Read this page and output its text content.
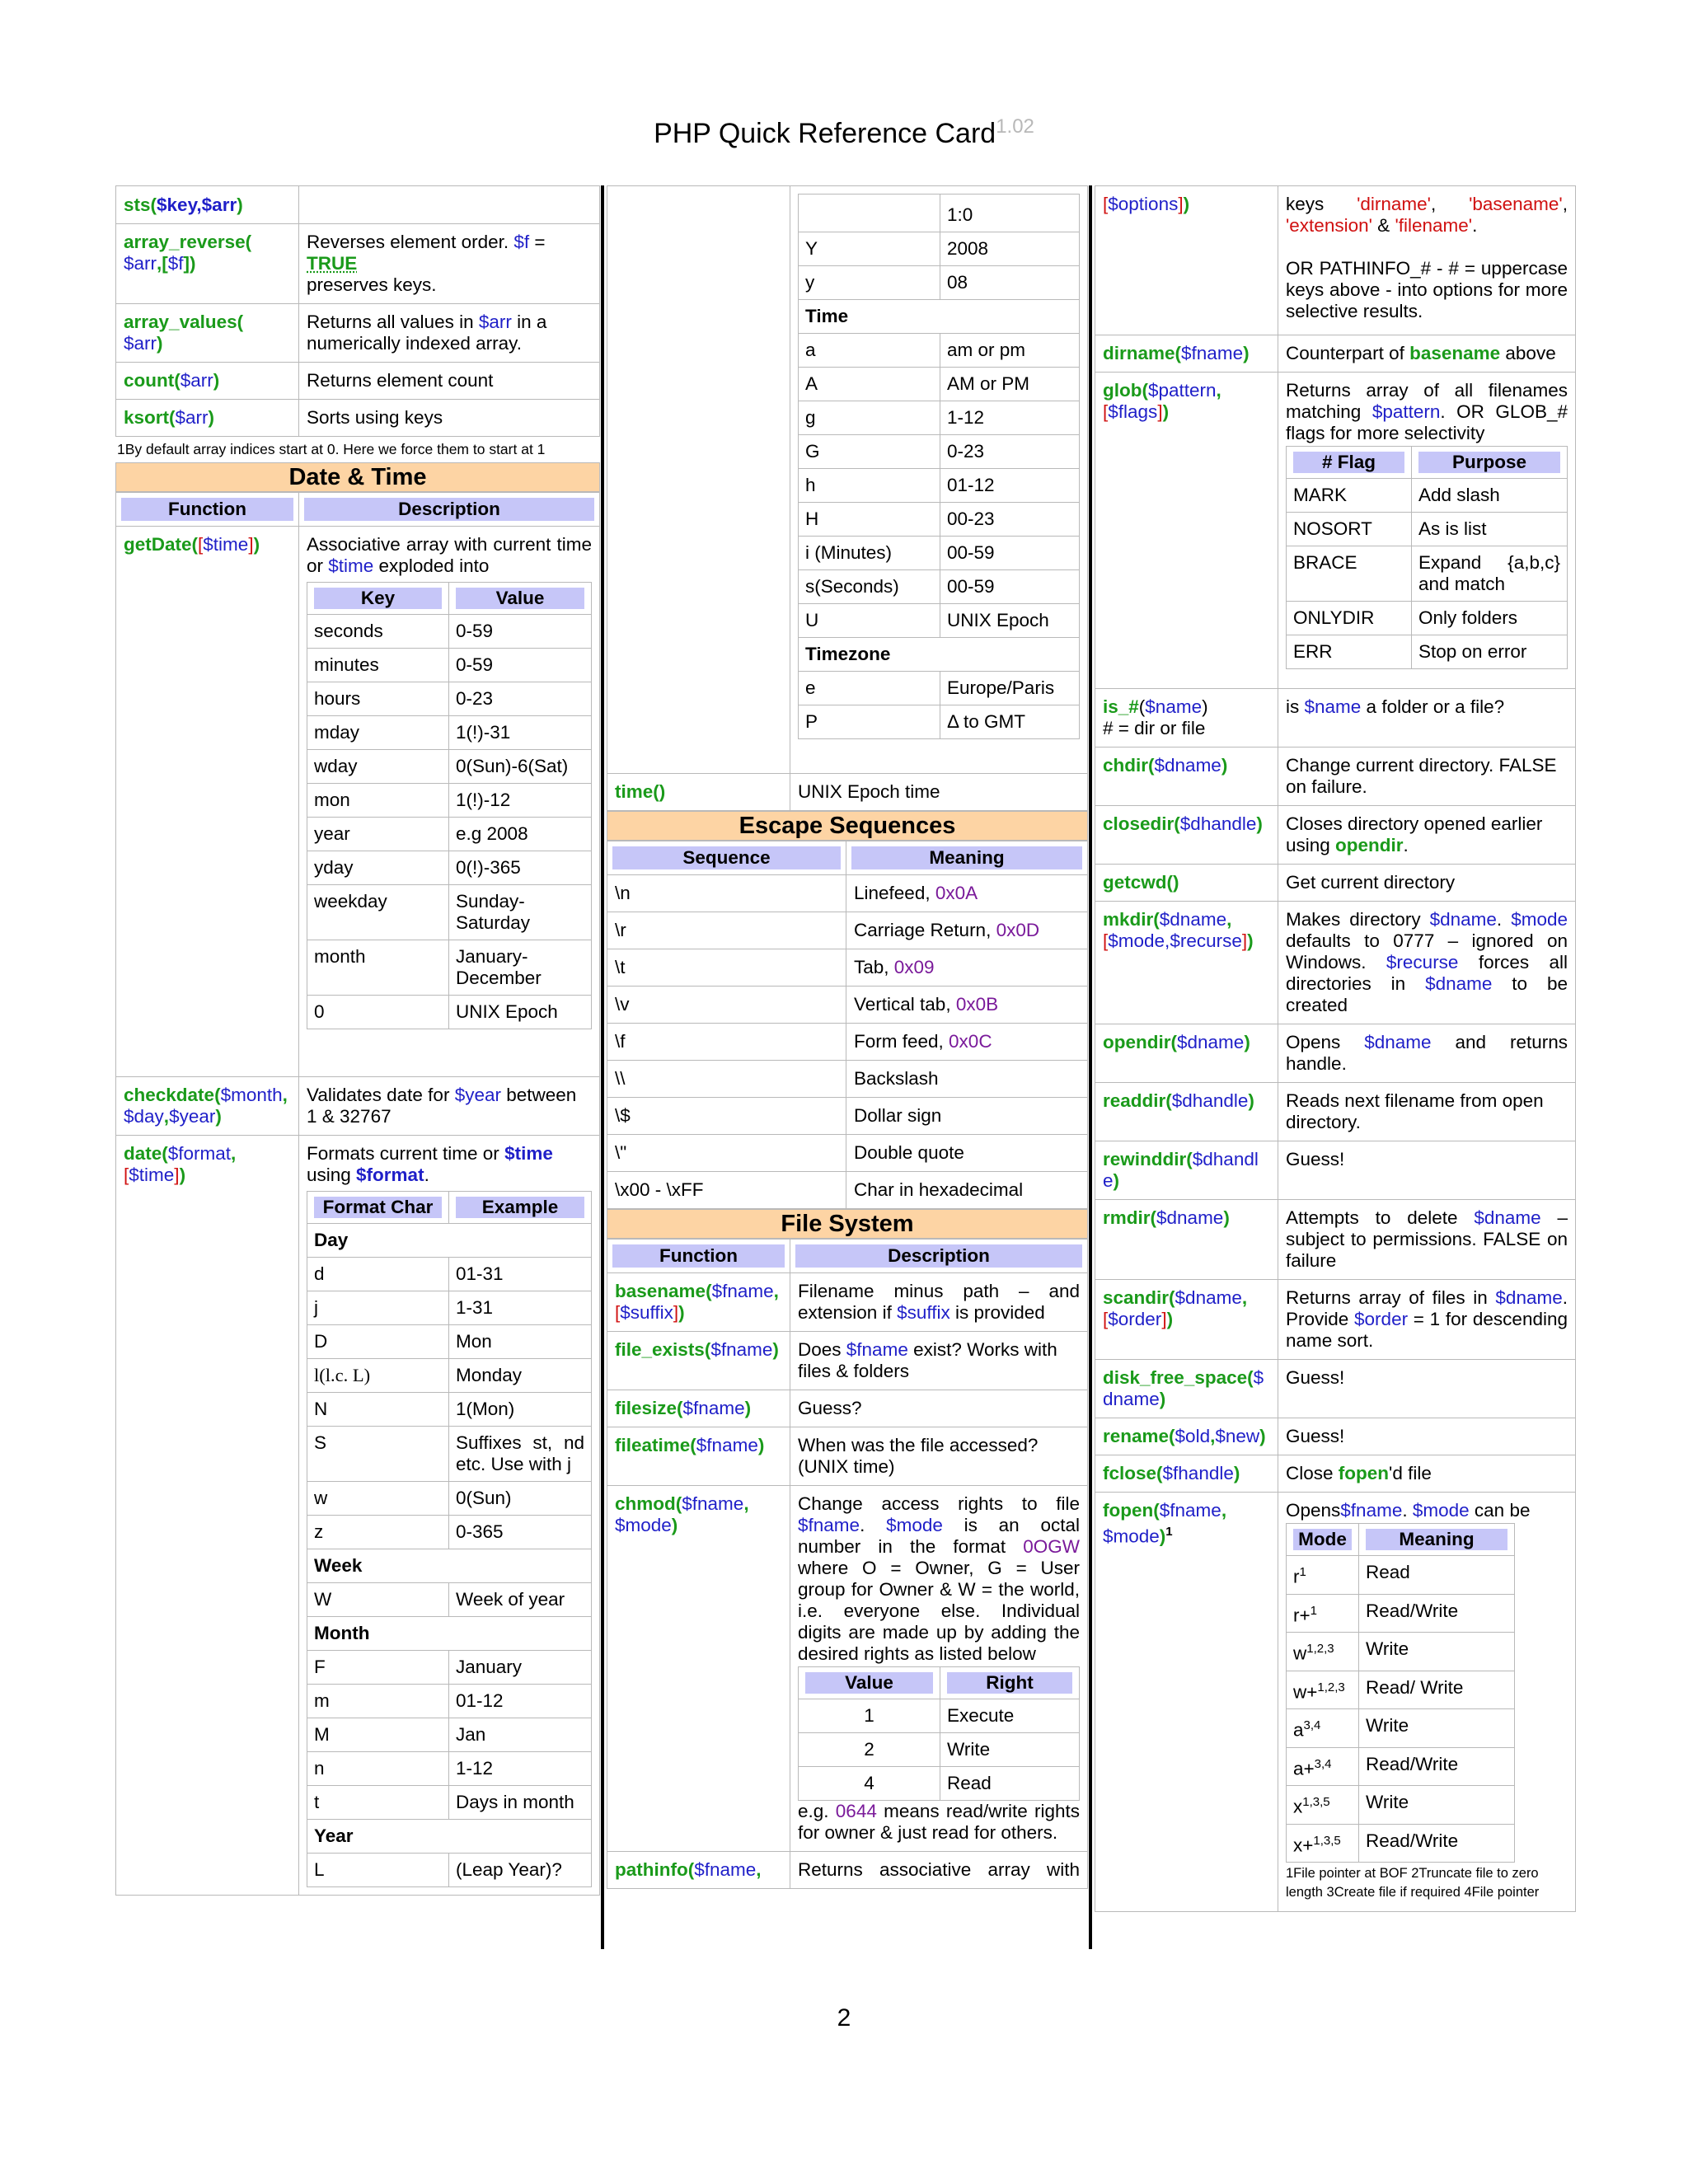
PHP Quick Reference Card$^{1.02}$
sts($key,$arr)	
array_reverse(
$arr,[$f])	Reverses element order. $f = TRUE
preserves keys.
array_values(
$arr)	Returns all values in $arr in a numerically indexed array.
count($arr)	Returns element count
ksort($arr)	Sorts using keys
1By default array indices start at 0. Here we force them to start at 1
Date & Time
Function	Description

getDate([$time])	Associative array with current time or $time exploded into
Key	Value

seconds	0-59
minutes	0-59
hours	0-23
mday	1(!)-31
wday	0(Sun)-6(Sat)
mon	1(!)-12
year	e.g 2008
yday	0(!)-365
weekday	Sunday-Saturday
month	January-December
0	UNIX Epoch

checkdate($month,
$day,$year)	Validates date for $year between 1 & 32767
date($format,
[$time])	Formats current time or $time
using $format.
Format Char	Example

Day
d	01-31
j	1-31
D	Mon
l(l.c. L)	Monday
N	1(Mon)
S	Suffixes st, nd etc. Use with j
w	0(Sun)
z	0-365
Week
W	Week of year
Month
F	January
m	01-12
M	Jan
n	1-12
t	Days in month
Year
L	(Leap Year)?

	1:0
Y	2008
y	08
Time
a	am or pm
A	AM or PM
g	1-12
G	0-23
h	01-12
H	00-23
i (Minutes)	00-59
s(Seconds)	00-59
U	UNIX Epoch
Timezone
e	Europe/Paris
P	Δ to GMT

time()	UNIX Epoch time
Escape Sequences
Sequence	Meaning

\n	Linefeed, 0x0A
\r	Carriage Return, 0x0D
\t	Tab, 0x09
\v	Vertical tab, 0x0B
\f	Form feed, 0x0C
\\	Backslash
\$	Dollar sign
\"	Double quote
\x00 - \xFF	Char in hexadecimal
File System
Function	Description

basename($fname,
[$suffix])	Filename minus path – and extension if $suffix is provided
file_exists($fname)	Does $fname exist? Works with files & folders
filesize($fname)	Guess?
fileatime($fname)	When was the file accessed? (UNIX time)
chmod($fname,
$mode)	Change access rights to file $fname. $mode is an octal number in the format 0OGW where O = Owner, G = User group for Owner & W = the world, i.e. everyone else. Individual digits are made up by adding the desired rights as listed below
Value	Right

1	Execute
2	Write
4	Read
e.g. 0644 means read/write rights for owner & just read for others.
pathinfo($fname,	Returns associative array with
[$options])	keys 'dirname', 'basename', 'extension' & 'filename'.

OR PATHINFO_# - # = uppercase keys above - into options for more selective results.

dirname($fname)	Counterpart of basename above
glob($pattern,
[$flags])	Returns array of all filenames matching $pattern. OR GLOB_# flags for more selectivity
# Flag	Purpose

MARK	Add slash
NOSORT	As is list
BRACE	Expand {a,b,c} and match
ONLYDIR	Only folders
ERR	Stop on error

is_#($name)
# = dir or file	is $name a folder or a file?
chdir($dname)	Change current directory. FALSE on failure.
closedir($dhandle)	Closes directory opened earlier using opendir.
getcwd()	Get current directory
mkdir($dname,
[$mode,$recurse])	Makes directory $dname. $mode defaults to 0777 – ignored on Windows. $recurse forces all directories in $dname to be created
opendir($dname)	Opens $dname and returns handle.
readdir($dhandle)	Reads next filename from open directory.
rewinddir($dhandl
e)	Guess!
rmdir($dname)	Attempts to delete $dname – subject to permissions. FALSE on failure
scandir($dname,
[$order])	Returns array of files in $dname. Provide $order = 1 for descending name sort.
disk_free_space($
dname)	Guess!
rename($old,$new)	Guess!
fclose($fhandle)	Close fopen'd file
fopen($fname,
$mode)$^1$	Opens$fname. $mode can be
Mode	Meaning

$r^1$	Read
r+$^1$	Read/Write
$w^{1,2,3}$	Write
w+$^{1,2,3}$	Read/ Write
$a^{3,4}$	Write
a+$^{3,4}$	Read/Write
$x^{1,3,5}$	Write
x+$^{1,3,5}$	Read/Write
1File pointer at BOF 2Truncate file to zero length 3Create file if required 4File pointer
2
